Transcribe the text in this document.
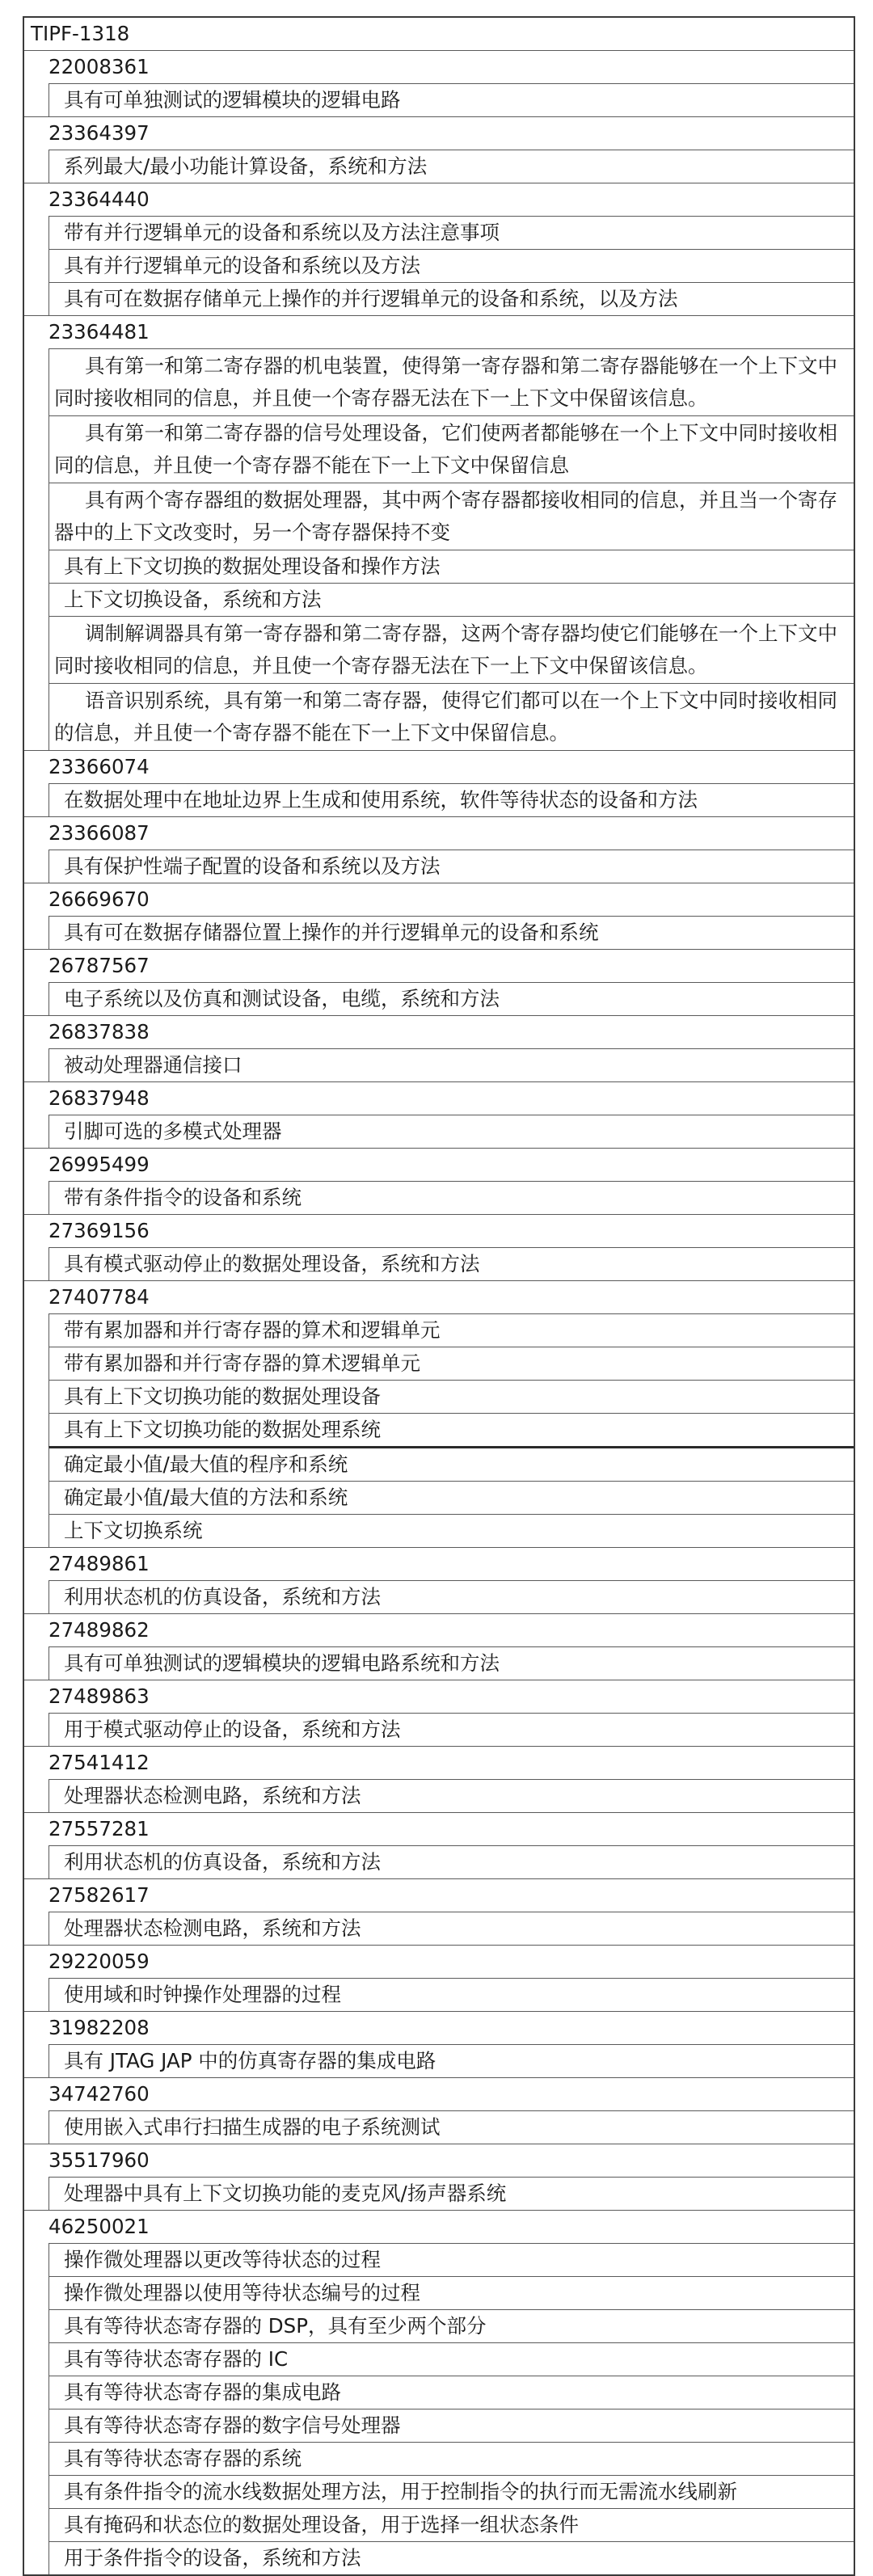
TIPF-1318
22008361
具有可单独测试的逻辑模块的逻辑电路
23364397
系列最大/最小功能计算设备，系统和方法
23364440
带有并行逻辑单元的设备和系统以及方法注意事项
具有并行逻辑单元的设备和系统以及方法
具有可在数据存储单元上操作的并行逻辑单元的设备和系统，以及方法
23364481
具有第一和第二寄存器的机电装置，使得第一寄存器和第二寄存器能够在一个上下文中同时接收相同的信息，并且使一个寄存器无法在下一上下文中保留该信息。
具有第一和第二寄存器的信号处理设备，它们使两者都能够在一个上下文中同时接收相同的信息，并且使一个寄存器不能在下一上下文中保留信息
具有两个寄存器组的数据处理器，其中两个寄存器都接收相同的信息，并且当一个寄存器中的上下文改变时，另一个寄存器保持不变
具有上下文切换的数据处理设备和操作方法
上下文切换设备，系统和方法
调制解调器具有第一寄存器和第二寄存器，这两个寄存器均使它们能够在一个上下文中同时接收相同的信息，并且使一个寄存器无法在下一上下文中保留该信息。
语音识别系统，具有第一和第二寄存器，使得它们都可以在一个上下文中同时接收相同的信息，并且使一个寄存器不能在下一上下文中保留信息。
23366074
在数据处理中在地址边界上生成和使用系统，软件等待状态的设备和方法
23366087
具有保护性端子配置的设备和系统以及方法
26669670
具有可在数据存储器位置上操作的并行逻辑单元的设备和系统
26787567
电子系统以及仿真和测试设备，电缆，系统和方法
26837838
被动处理器通信接口
26837948
引脚可选的多模式处理器
26995499
带有条件指令的设备和系统
27369156
具有模式驱动停止的数据处理设备，系统和方法
27407784
带有累加器和并行寄存器的算术和逻辑单元
带有累加器和并行寄存器的算术逻辑单元
具有上下文切换功能的数据处理设备
具有上下文切换功能的数据处理系统
确定最小值/最大值的程序和系统
确定最小值/最大值的方法和系统
上下文切换系统
27489861
利用状态机的仿真设备，系统和方法
27489862
具有可单独测试的逻辑模块的逻辑电路系统和方法
27489863
用于模式驱动停止的设备，系统和方法
27541412
处理器状态检测电路，系统和方法
27557281
利用状态机的仿真设备，系统和方法
27582617
处理器状态检测电路，系统和方法
29220059
使用域和时钟操作处理器的过程
31982208
具有 JTAG JAP 中的仿真寄存器的集成电路
34742760
使用嵌入式串行扫描生成器的电子系统测试
35517960
处理器中具有上下文切换功能的麦克风/扬声器系统
46250021
操作微处理器以更改等待状态的过程
操作微处理器以使用等待状态编号的过程
具有等待状态寄存器的 DSP，具有至少两个部分
具有等待状态寄存器的 IC
具有等待状态寄存器的集成电路
具有等待状态寄存器的数字信号处理器
具有等待状态寄存器的系统
具有条件指令的流水线数据处理方法，用于控制指令的执行而无需流水线刷新
具有掩码和状态位的数据处理设备，用于选择一组状态条件
用于条件指令的设备，系统和方法
